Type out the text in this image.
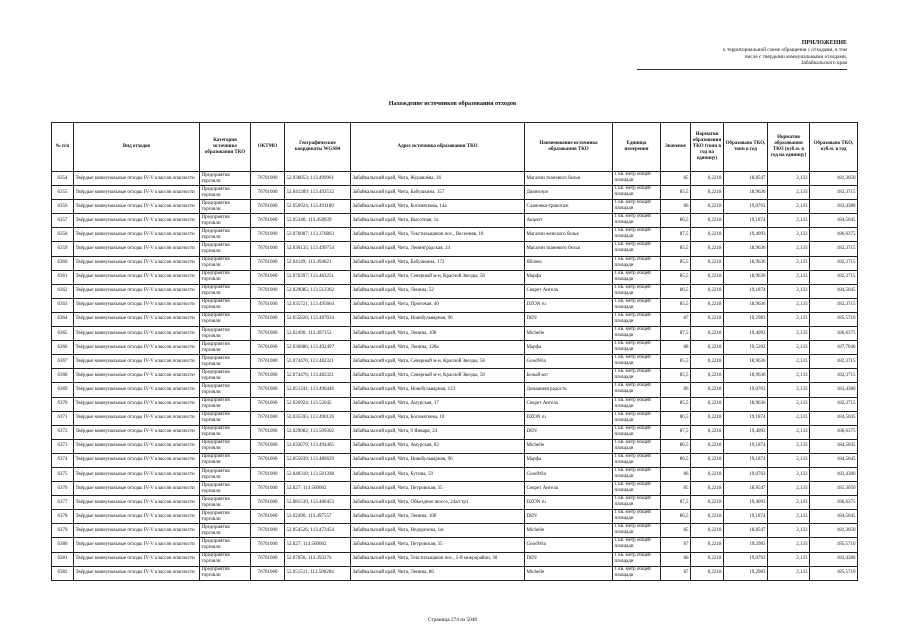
ПРИЛОЖЕНИЕ
к территориальной схеме обращения с отходами, в том
числе с твердыми коммунальными отходами,
Забайкальского края
Нахождение источников образования отходов
№ п/п	Вид отходов	Категория источника образования ТКО	ОКТМО	Географические координаты WGS84	Адрес источника образования ТКО	Наименование источника образования ТКО	Единица измерения	Значение	Норматив образования ТКО (тонн в год на единицу)	Образовано ТКО, тонн в год	Норматив образования ТКО (куб.м. в год на единицу)	Образовано ТКО, куб.м. в год
6354	Твёрдые коммунальные отходы IV-V классов опасности	Предприятия торговли	76701000	52.036853; 113.499961	Забайкальский край, Чита, Журавлёва, 36	Магазин тканевого белья	1 кв. метр общей площади	85	0,2218	18,8547	2,133	181,3050
6355	Твёрдые коммунальные отходы IV-V классов опасности	Предприятия торговли	76701000	52.041289; 113.492532	Забайкальский край, Чита, Бабушкина, 157	Джинсеро	1 кв. метр общей площади	85,5	0,2218	18,9636	2,133	182,3715
6356	Твёрдые коммунальные отходы IV-V классов опасности	Предприятия торговли	76701000	52.050924; 113.491189	Забайкальский край, Чита, Богомягкова, 14а	Сланонка-трикотаж	1 кв. метр общей площади	86	0,2218	19,0763	2,133	183,4380
6357	Твёрдые коммунальные отходы IV-V классов опасности	Предприятия торговли	76701000	52.05346; 113.458939	Забайкальский край, Чита, Высотная, 1а	Акцент	1 кв. метр общей площади	86,5	0,2218	19,1874	2,133	184,5045
6358	Твёрдые коммунальные отходы IV-V классов опасности	Предприятия торговли	76701000	52.076007; 113.376863	Забайкальский край, Чита, Текстильщиков пос., Весенняя, 18	Магазин женского белья	1 кв. метр общей площади	87,5	0,2218	19,4093	2,133	186,6375
6359	Твёрдые коммунальные отходы IV-V классов опасности	Предприятия торговли	76701000	52.030135; 113.499754	Забайкальский край, Чита, Ленинградская, 24	Магазин тканевого белья	1 кв. метр общей площади	85,5	0,2218	18,9636	2,133	182,3715
6360	Твёрдые коммунальные отходы IV-V классов опасности	Предприятия торговли	76701000	52.04149; 113.494621	Забайкальский край, Чита, Бабушкина, 173	Яблоко	1 кв. метр общей площади	85,5	0,2218	18,9636	2,133	182,3715
6361	Твёрдые коммунальные отходы IV-V классов опасности	Предприятия торговли	76701000	52.076397; 113.483251	Забайкальский край, Чита, Северный м-н, Красной Звезды, 58	Марфа	1 кв. метр общей площади	85,5	0,2218	18,9636	2,133	182,3715
6362	Твёрдые коммунальные отходы IV-V классов опасности	Предприятия торговли	76701000	52.029085; 113.512362	Забайкальский край, Чита, Ленина, 52	Секрет Ангела	1 кв. метр общей площади	86,5	0,2218	19,1874	2,133	184,5045
6363	Твёрдые коммунальные отходы IV-V классов опасности	Предприятия торговли	76701000	52.035721; 113.495664	Забайкальский край, Чита, Проезжая, 40	DZON ru	1 кв. метр общей площади	85,5	0,2218	18,9636	2,133	182,3715
6364	Твёрдые коммунальные отходы IV-V классов опасности	Предприятия торговли	76701000	52.055826; 113.487034	Забайкальский край, Чита, Новобульварная, 96	DEN	1 кв. метр общей площади	87	0,2218	19,2983	2,133	185,5710
6365	Твёрдые коммунальные отходы IV-V классов опасности	Предприятия торговли	76701000	52.02496; 113.497153	Забайкальский край, Чита, Ленина, 108	Michelle	1 кв. метр общей площади	87,5	0,2218	19,4093	2,133	186,6375
6366	Твёрдые коммунальные отходы IV-V классов опасности	Предприятия торговли	76701000	52.036886; 113.492497	Забайкальский край, Чита, Ленина, 128а	Марфа	1 кв. метр общей площади	88	0,2218	19,5202	2,133	187,7040
6367	Твёрдые коммунальные отходы IV-V классов опасности	Предприятия торговли	76701000	52.074476; 113.482321	Забайкальский край, Чита, Северный м-н, Красной Звезды, 58	GoodWin	1 кв. метр общей площади	85,5	0,2218	18,9636	2,133	182,3715
6368	Твёрдые коммунальные отходы IV-V классов опасности	Предприятия торговли	76701000	52.074476; 113.482321	Забайкальский край, Чита, Северный м-н, Красной Звезды, 58	Белый кот	1 кв. метр общей площади	85,5	0,2218	18,9636	2,133	182,3715
6369	Твёрдые коммунальные отходы IV-V классов опасности	Предприятия торговли	76701000	52.051241; 113.496446	Забайкальский край, Чита, Новобульварная, 123	Домашняя радость	1 кв. метр общей площади	86	0,2218	19,0763	2,133	183,4380
6370	Твёрдые коммунальные отходы IV-V классов опасности	Предприятия торговли	76701000	52.026924; 113.52045	Забайкальский край, Чита, Амурская, 17	Секрет Ангела	1 кв. метр общей площади	85,5	0,2218	18,9636	2,133	182,3715
6371	Твёрдые коммунальные отходы IV-V классов опасности	Предприятия торговли	76701000	52.035595; 113.490126	Забайкальский край, Чита, Богомягкова, 10	DZON ru	1 кв. метр общей площади	86,5	0,2218	19,1874	2,133	184,5045
6372	Твёрдые коммунальные отходы IV-V классов опасности	Предприятия торговли	76701000	52.029082; 113.509302	Забайкальский край, Чита, 9 Января, 24	DEN	1 кв. метр общей площади	87,5	0,2218	19,4093	2,133	186,6375
6373	Твёрдые коммунальные отходы IV-V классов опасности	Предприятия торговли	76701000	52.033679; 113.494465	Забайкальский край, Чита, Амурская, 82	Michelle	1 кв. метр общей площади	86,5	0,2218	19,1874	2,133	184,5045
6374	Твёрдые коммунальные отходы IV-V классов опасности	Предприятия торговли	76701000	52.055839; 113.486629	Забайкальский край, Чита, Новобульварная, 96	Марфа	1 кв. метр общей площади	86,5	0,2218	19,1874	2,133	184,5045
6375	Твёрдые коммунальные отходы IV-V классов опасности	Предприятия торговли	76701000	52.048318; 113.501398	Забайкальский край, Чита, Бутина, 59	GoodWin	1 кв. метр общей площади	86	0,2218	19,0763	2,133	183,4380
6376	Твёрдые коммунальные отходы IV-V классов опасности	Предприятия торговли	76701000	52.027; 113.500062	Забайкальский край, Чита, Петровская, 35	Секрет Ангела	1 кв. метр общей площади	85	0,2218	18,8547	2,133	181,3050
6377	Твёрдые коммунальные отходы IV-V классов опасности	Предприятия торговли	76701000	52.081539; 113.480453	Забайкальский край, Чита, Объездное шоссе, 24а/стр1	DZON ru	1 кв. метр общей площади	87,5	0,2218	19,4093	2,133	186,6375
6378	Твёрдые коммунальные отходы IV-V классов опасности	Предприятия торговли	76701000	52.02496; 113.497557	Забайкальский край, Чита, Ленина, 108	DEN	1 кв. метр общей площади	86,5	0,2218	19,1874	2,133	184,5045
6379	Твёрдые коммунальные отходы IV-V классов опасности	Предприятия торговли	76701000	52.054526; 113.473454	Забайкальский край, Чита, Недорезова, 1ж	Michelle	1 кв. метр общей площади	85	0,2218	18,8547	2,133	181,3050
6380	Твёрдые коммунальные отходы IV-V классов опасности	Предприятия торговли	76701000	52.027; 113.500062	Забайкальский край, Чита, Петровская, 35	GoodWin	1 кв. метр общей площади	87	0,2218	19,2983	2,133	185,5710
6381	Твёрдые коммунальные отходы IV-V классов опасности	Предприятия торговли	76701000	52.07056; 113.393276	Забайкальский край, Чита, Текстильщиков пос., 5-й микрорайон, 30	DEN	1 кв. метр общей площади	86	0,2218	19,0763	2,133	183,4380
6382	Твёрдые коммунальные отходы IV-V классов опасности	Предприятия торговли	76701000	52.051511; 113.506204	Забайкальский край, Чита, Ленина, 86	Michelle	1 кв. метр общей площади	87	0,2218	19,2983	2,133	185,5710
Страница 274 из 5048
